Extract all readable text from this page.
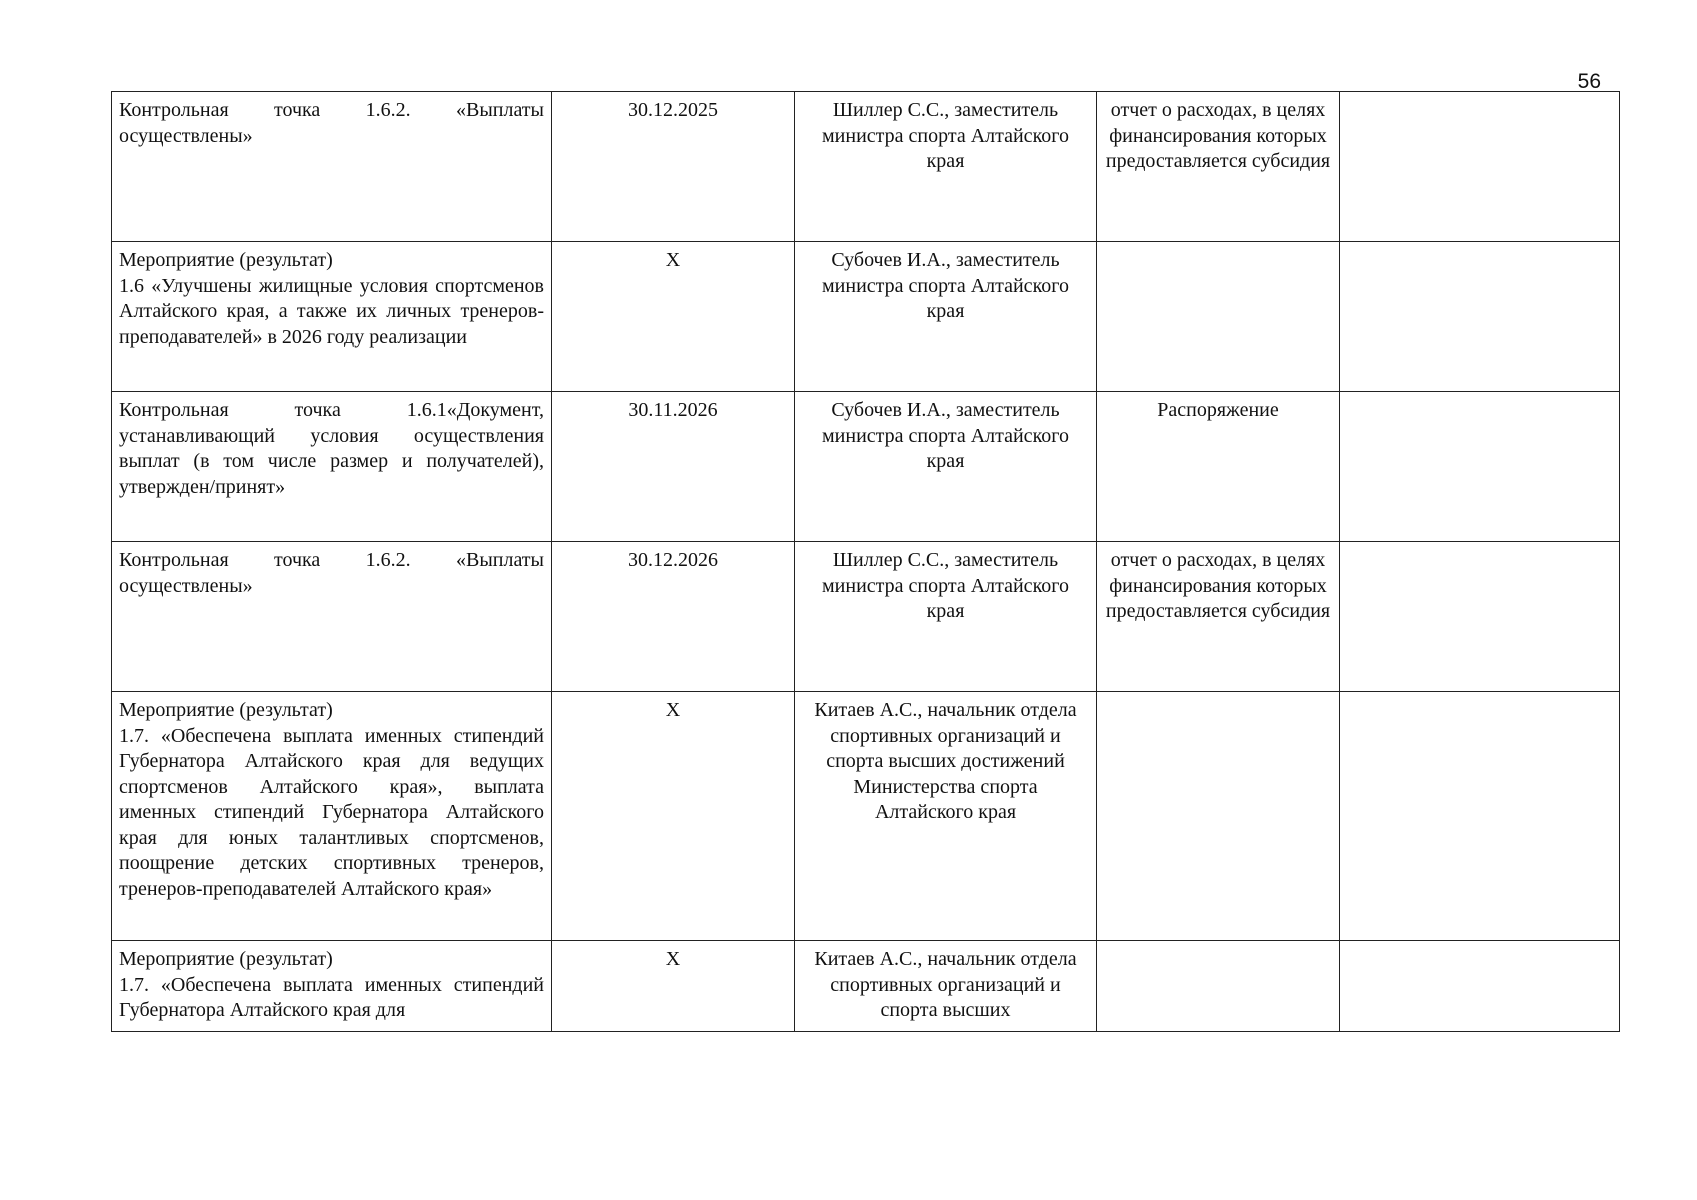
56
Контрольная точка 1.6.2. «Выплаты осуществлены»	30.12.2025	Шиллер С.С., заместитель министра спорта Алтайского края	отчет о расходах, в целях финансирования которых предоставляется субсидия	

Мероприятие (результат)
1.6 «Улучшены жилищные условия спортсменов Алтайского края, а также их личных тренеров-преподавателей» в 2026 году реализации	Х	Субочев И.А., заместитель министра спорта Алтайского края		

Контрольная точка 1.6.1«Документ, устанавливающий условия осуществления выплат (в том числе размер и получателей), утвержден/принят»	30.11.2026	Субочев И.А., заместитель министра спорта Алтайского края	Распоряжение	

Контрольная точка 1.6.2. «Выплаты осуществлены»	30.12.2026	Шиллер С.С., заместитель министра спорта Алтайского края	отчет о расходах, в целях финансирования которых предоставляется субсидия	

Мероприятие (результат)
1.7. «Обеспечена выплата именных стипендий Губернатора Алтайского края для ведущих спортсменов Алтайского края», выплата именных стипендий Губернатора Алтайского края для юных талантливых спортсменов, поощрение детских спортивных тренеров, тренеров-преподавателей Алтайского края»	Х	Китаев А.С., начальник отдела спортивных организаций и спорта высших достижений Министерства спорта Алтайского края		

Мероприятие (результат)
1.7. «Обеспечена выплата именных стипендий Губернатора Алтайского края для	Х	Китаев А.С., начальник отдела спортивных организаций и спорта высших		
